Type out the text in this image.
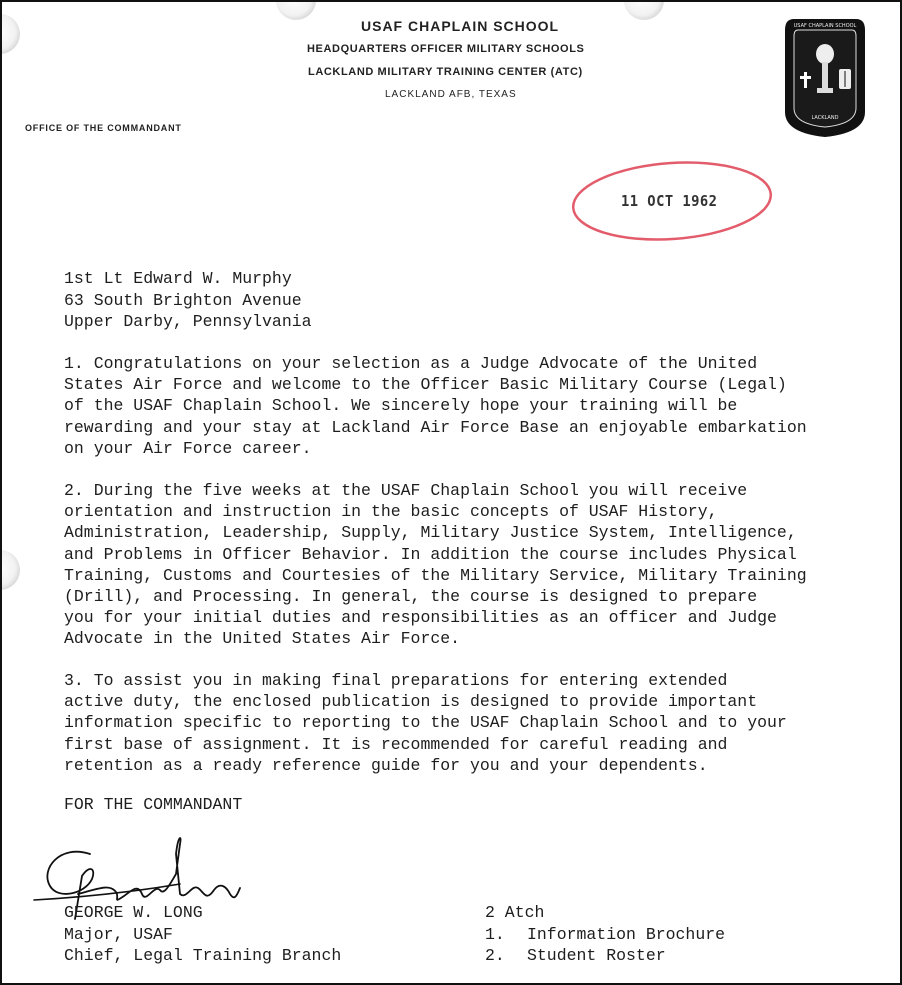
USAF CHAPLAIN SCHOOL
HEADQUARTERS OFFICER MILITARY SCHOOLS
LACKLAND MILITARY TRAINING CENTER (ATC)
LACKLAND AFB, TEXAS
OFFICE OF THE COMMANDANT
USAF CHAPLAIN SCHOOL
LACKLAND
11 OCT 1962
1st Lt Edward W. Murphy
63 South Brighton Avenue
Upper Darby, Pennsylvania
1. Congratulations on your selection as a Judge Advocate of the United
States Air Force and welcome to the Officer Basic Military Course (Legal)
of the USAF Chaplain School. We sincerely hope your training will be
rewarding and your stay at Lackland Air Force Base an enjoyable embarkation
on your Air Force career.
2. During the five weeks at the USAF Chaplain School you will receive
orientation and instruction in the basic concepts of USAF History,
Administration, Leadership, Supply, Military Justice System, Intelligence,
and Problems in Officer Behavior. In addition the course includes Physical
Training, Customs and Courtesies of the Military Service, Military Training
(Drill), and Processing. In general, the course is designed to prepare
you for your initial duties and responsibilities as an officer and Judge
Advocate in the United States Air Force.
3. To assist you in making final preparations for entering extended
active duty, the enclosed publication is designed to provide important
information specific to reporting to the USAF Chaplain School and to your
first base of assignment. It is recommended for careful reading and
retention as a ready reference guide for you and your dependents.
FOR THE COMMANDANT
GEORGE W. LONG
Major, USAF
Chief, Legal Training Branch
2 Atch
1. Information Brochure
2. Student Roster
